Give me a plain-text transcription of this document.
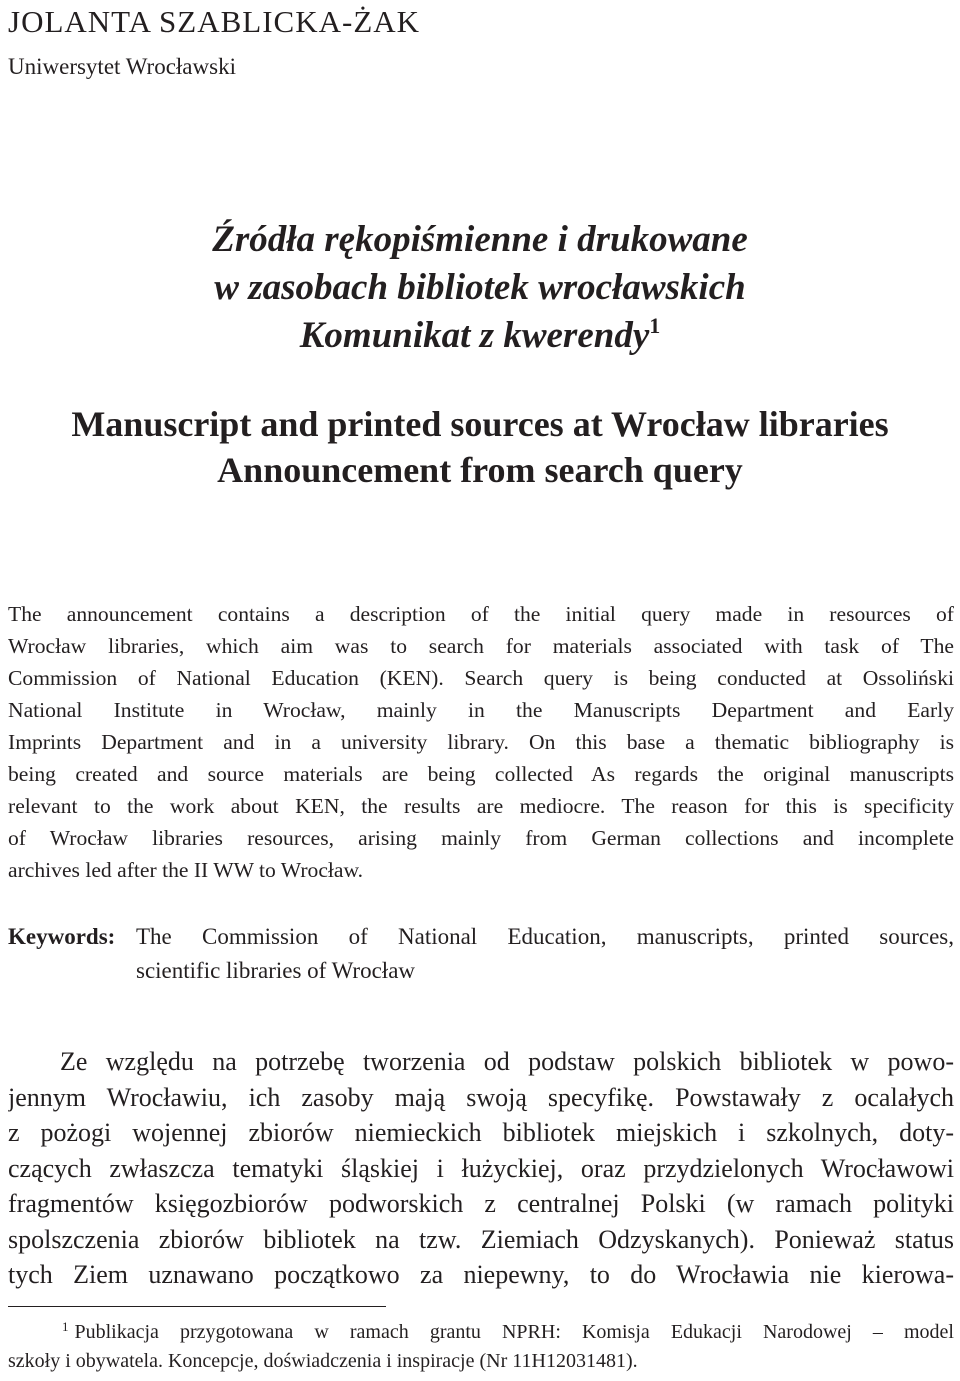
JOLANTA SZABLICKA-ŻAK
Uniwersytet Wrocławski
Źródła rękopiśmienne i drukowane
w zasobach bibliotek wrocławskich
Komunikat z kwerendy$^1$
Manuscript and printed sources at Wrocław libraries
Announcement from search query
The announcement contains a description of the initial query made in resources of
Wrocław libraries, which aim was to search for materials associated with task of The
Commission of National Education (KEN). Search query is being conducted at Ossoliński
National Institute in Wrocław, mainly in the Manuscripts Department and Early
Imprints Department and in a university library. On this base a thematic bibliography is
being created and source materials are being collected As regards the original manuscripts
relevant to the work about KEN, the results are mediocre. The reason for this is specificity
of Wrocław libraries resources, arising mainly from German collections and incomplete
archives led after the II WW to Wrocław.
Keywords: The Commission of National Education, manuscripts, printed sources,
scientific libraries of Wrocław
Ze względu na potrzebę tworzenia od podstaw polskich bibliotek w powo-
jennym Wrocławiu, ich zasoby mają swoją specyfikę. Powstawały z ocalałych
z pożogi wojennej zbiorów niemieckich bibliotek miejskich i szkolnych, doty-
czących zwłaszcza tematyki śląskiej i łużyckiej, oraz przydzielonych Wrocławowi
fragmentów księgozbiorów podworskich z centralnej Polski (w ramach polityki
spolszczenia zbiorów bibliotek na tzw. Ziemiach Odzyskanych). Ponieważ status
tych Ziem uznawano początkowo za niepewny, to do Wrocławia nie kierowa-
$^1$ Publikacja przygotowana w ramach grantu NPRH: Komisja Edukacji Narodowej – model
szkoły i obywatela. Koncepcje, doświadczenia i inspiracje (Nr 11H12031481).
